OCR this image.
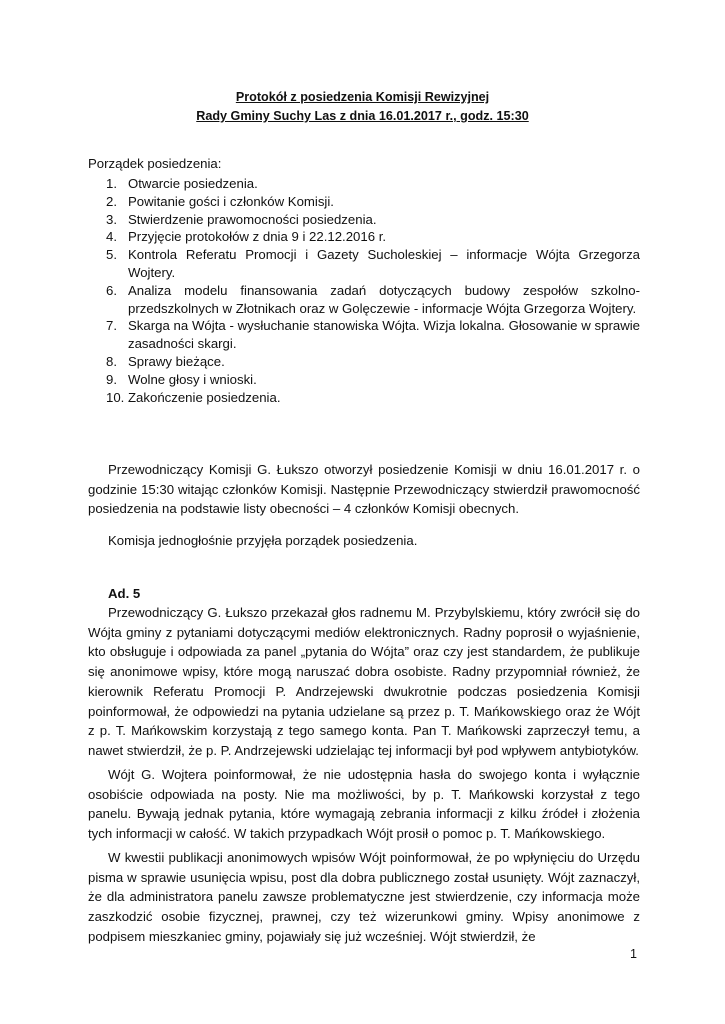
Protokół z posiedzenia Komisji Rewizyjnej
Rady Gminy Suchy Las z dnia 16.01.2017 r., godz. 15:30
Porządek posiedzenia:
1. Otwarcie posiedzenia.
2. Powitanie gości i członków Komisji.
3. Stwierdzenie prawomocności posiedzenia.
4. Przyjęcie protokołów z dnia 9 i 22.12.2016 r.
5. Kontrola Referatu Promocji i Gazety Sucholeskiej – informacje Wójta Grzegorza Wojtery.
6. Analiza modelu finansowania zadań dotyczących budowy zespołów szkolno-przedszkolnych w Złotnikach oraz w Golęczewie - informacje Wójta Grzegorza Wojtery.
7. Skarga na Wójta - wysłuchanie stanowiska Wójta. Wizja lokalna. Głosowanie w sprawie zasadności skargi.
8. Sprawy bieżące.
9. Wolne głosy i wnioski.
10. Zakończenie posiedzenia.

Przewodniczący Komisji G. Łukszo otworzył posiedzenie Komisji w dniu 16.01.2017 r. o godzinie 15:30 witając członków Komisji. Następnie Przewodniczący stwierdził prawomocność posiedzenia na podstawie listy obecności – 4 członków Komisji obecnych.

Komisja jednogłośnie przyjęła porządek posiedzenia.

Ad. 5

Przewodniczący G. Łukszo przekazał głos radnemu M. Przybylskiemu, który zwrócił się do Wójta gminy z pytaniami dotyczącymi mediów elektronicznych. Radny poprosił o wyjaśnienie, kto obsługuje i odpowiada za panel „pytania do Wójta” oraz czy jest standardem, że publikuje się anonimowe wpisy, które mogą naruszać dobra osobiste. Radny przypomniał również, że kierownik Referatu Promocji P. Andrzejewski dwukrotnie podczas posiedzenia Komisji poinformował, że odpowiedzi na pytania udzielane są przez p. T. Mańkowskiego oraz że Wójt z p. T. Mańkowskim korzystają z tego samego konta. Pan T. Mańkowski zaprzeczył temu, a nawet stwierdził, że p. P. Andrzejewski udzielając tej informacji był pod wpływem antybiotyków.

Wójt G. Wojtera poinformował, że nie udostępnia hasła do swojego konta i wyłącznie osobiście odpowiada na posty. Nie ma możliwości, by p. T. Mańkowski korzystał z tego panelu. Bywają jednak pytania, które wymagają zebrania informacji z kilku źródeł i złożenia tych informacji w całość. W takich przypadkach Wójt prosił o pomoc p. T. Mańkowskiego.

W kwestii publikacji anonimowych wpisów Wójt poinformował, że po wpłynięciu do Urzędu pisma w sprawie usunięcia wpisu, post dla dobra publicznego został usunięty. Wójt zaznaczył, że dla administratora panelu zawsze problematyczne jest stwierdzenie, czy informacja może zaszkodzić osobie fizycznej, prawnej, czy też wizerunkowi gminy. Wpisy anonimowe z podpisem mieszkaniec gminy, pojawiały się już wcześniej. Wójt stwierdził, że

1
